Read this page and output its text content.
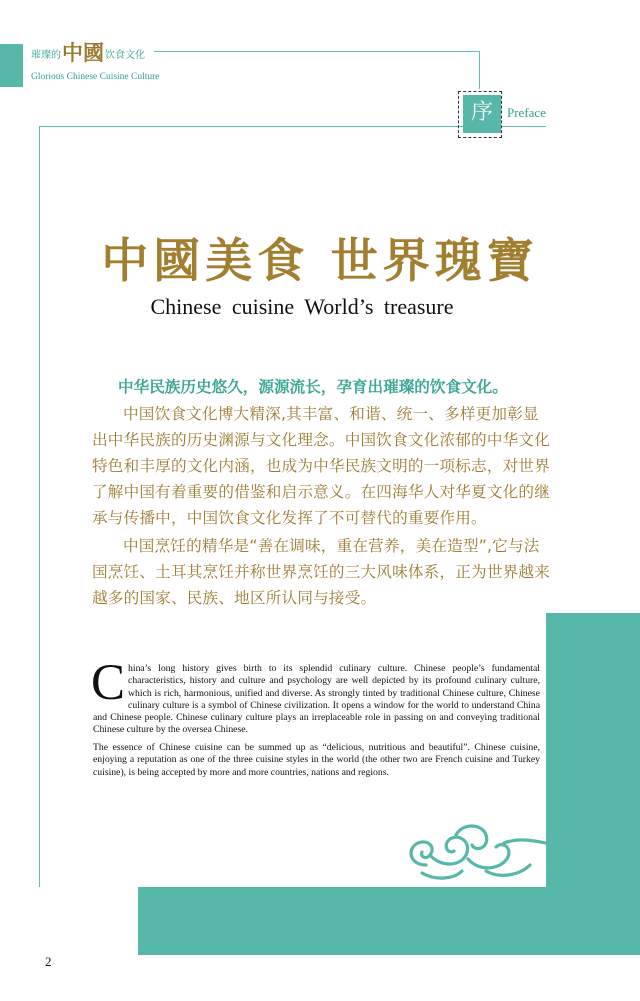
璀璨的中國饮食文化
Glorious Chinese Cuisine Culture
序	Preface
中國美食 世界瑰寶
Chinese cuisine World’s treasure
中华民族历史悠久，源源流长，孕育出璀璨的饮食文化。
中国饮食文化博大精深,其丰富、和谐、统一、多样更加彰显出中华民族的历史渊源与文化理念。中国饮食文化浓郁的中华文化特色和丰厚的文化内涵，也成为中华民族文明的一项标志，对世界了解中国有着重要的借鉴和启示意义。在四海华人对华夏文化的继承与传播中，中国饮食文化发挥了不可替代的重要作用。
中国烹饪的精华是“善在调味，重在营养，美在造型”,它与法国烹饪、土耳其烹饪并称世界烹饪的三大风味体系，正为世界越来越多的国家、民族、地区所认同与接受。
China’s long history gives birth to its splendid culinary culture. Chinese people’s fundamental characteristics, history and culture and psychology are well depicted by its profound culinary culture, which is rich, harmonious, unified and diverse. As strongly tinted by traditional Chinese culture, Chinese culinary culture is a symbol of Chinese civilization. It opens a window for the world to understand China and Chinese people. Chinese culinary culture plays an irreplaceable role in passing on and conveying traditional Chinese culture by the oversea Chinese.
The essence of Chinese cuisine can be summed up as “delicious, nutritious and beautiful”. Chinese cuisine, enjoying a reputation as one of the three cuisine styles in the world (the other two are French cuisine and Turkey cuisine), is being accepted by more and more countries, nations and regions.
2
